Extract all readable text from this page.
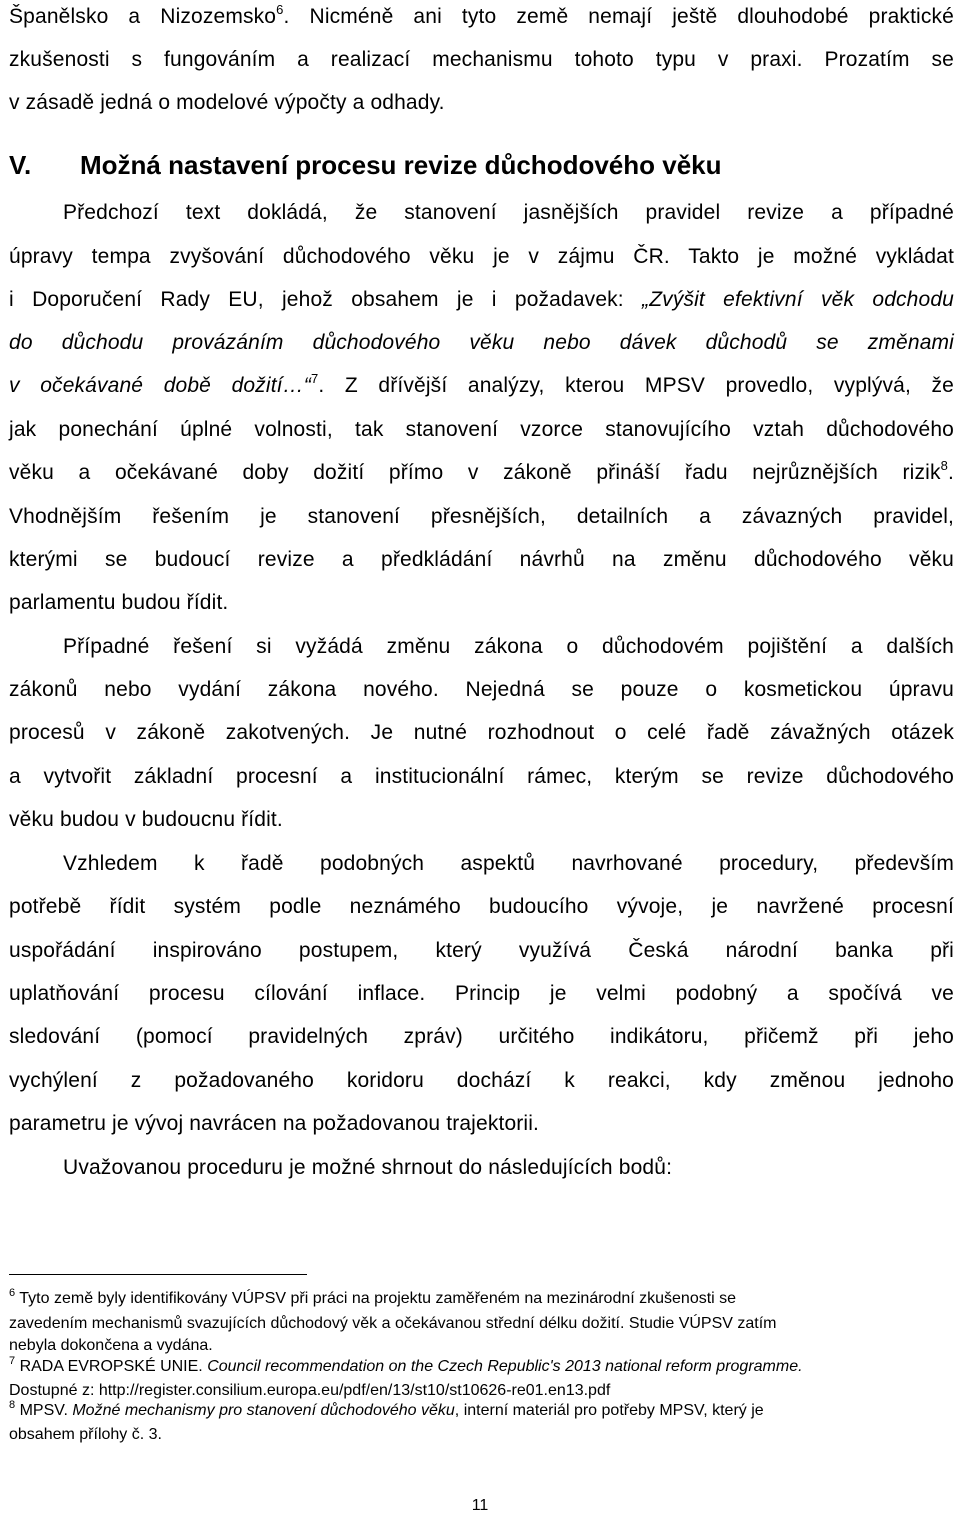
Španělsko a Nizozemsko$^6$. Nicméně ani tyto země nemají ještě dlouhodobé praktické
zkušenosti s fungováním a realizací mechanismu tohoto typu v praxi. Prozatím se
v zásadě jedná o modelové výpočty a odhady.
V. Možná nastavení procesu revize důchodového věku
Předchozí text dokládá, že stanovení jasnějších pravidel revize a případné
úpravy tempa zvyšování důchodového věku je v zájmu ČR. Takto je možné vykládat
i Doporučení Rady EU, jehož obsahem je i požadavek: „Zvýšit efektivní věk odchodu
do důchodu provázáním důchodového věku nebo dávek důchodů se změnami
v očekávané době dožití…“$^7$. Z dřívější analýzy, kterou MPSV provedlo, vyplývá, že
jak ponechání úplné volnosti, tak stanovení vzorce stanovujícího vztah důchodového
věku a očekávané doby dožití přímo v zákoně přináší řadu nejrůznějších rizik$^8$.
Vhodnějším řešením je stanovení přesnějších, detailních a závazných pravidel,
kterými se budoucí revize a předkládání návrhů na změnu důchodového věku
parlamentu budou řídit.
Případné řešení si vyžádá změnu zákona o důchodovém pojištění a dalších
zákonů nebo vydání zákona nového. Nejedná se pouze o kosmetickou úpravu
procesů v zákoně zakotvených. Je nutné rozhodnout o celé řadě závažných otázek
a vytvořit základní procesní a institucionální rámec, kterým se revize důchodového
věku budou v budoucnu řídit.
Vzhledem k řadě podobných aspektů navrhované procedury, především
potřebě řídit systém podle neznámého budoucího vývoje, je navržené procesní
uspořádání inspirováno postupem, který využívá Česká národní banka při
uplatňování procesu cílování inflace. Princip je velmi podobný a spočívá ve
sledování (pomocí pravidelných zpráv) určitého indikátoru, přičemž při jeho
vychýlení z požadovaného koridoru dochází k reakci, kdy změnou jednoho
parametru je vývoj navrácen na požadovanou trajektorii.
Uvažovanou proceduru je možné shrnout do následujících bodů:
$^6$ Tyto země byly identifikovány VÚPSV při práci na projektu zaměřeném na mezinárodní zkušenosti se
zavedením mechanismů svazujících důchodový věk a očekávanou střední délku dožití. Studie VÚPSV zatím
nebyla dokončena a vydána.
$^7$ RADA EVROPSKÉ UNIE. Council recommendation on the Czech Republic's 2013 national reform programme.
Dostupné z: http://register.consilium.europa.eu/pdf/en/13/st10/st10626-re01.en13.pdf
$^8$ MPSV. Možné mechanismy pro stanovení důchodového věku, interní materiál pro potřeby MPSV, který je
obsahem přílohy č. 3.
11
